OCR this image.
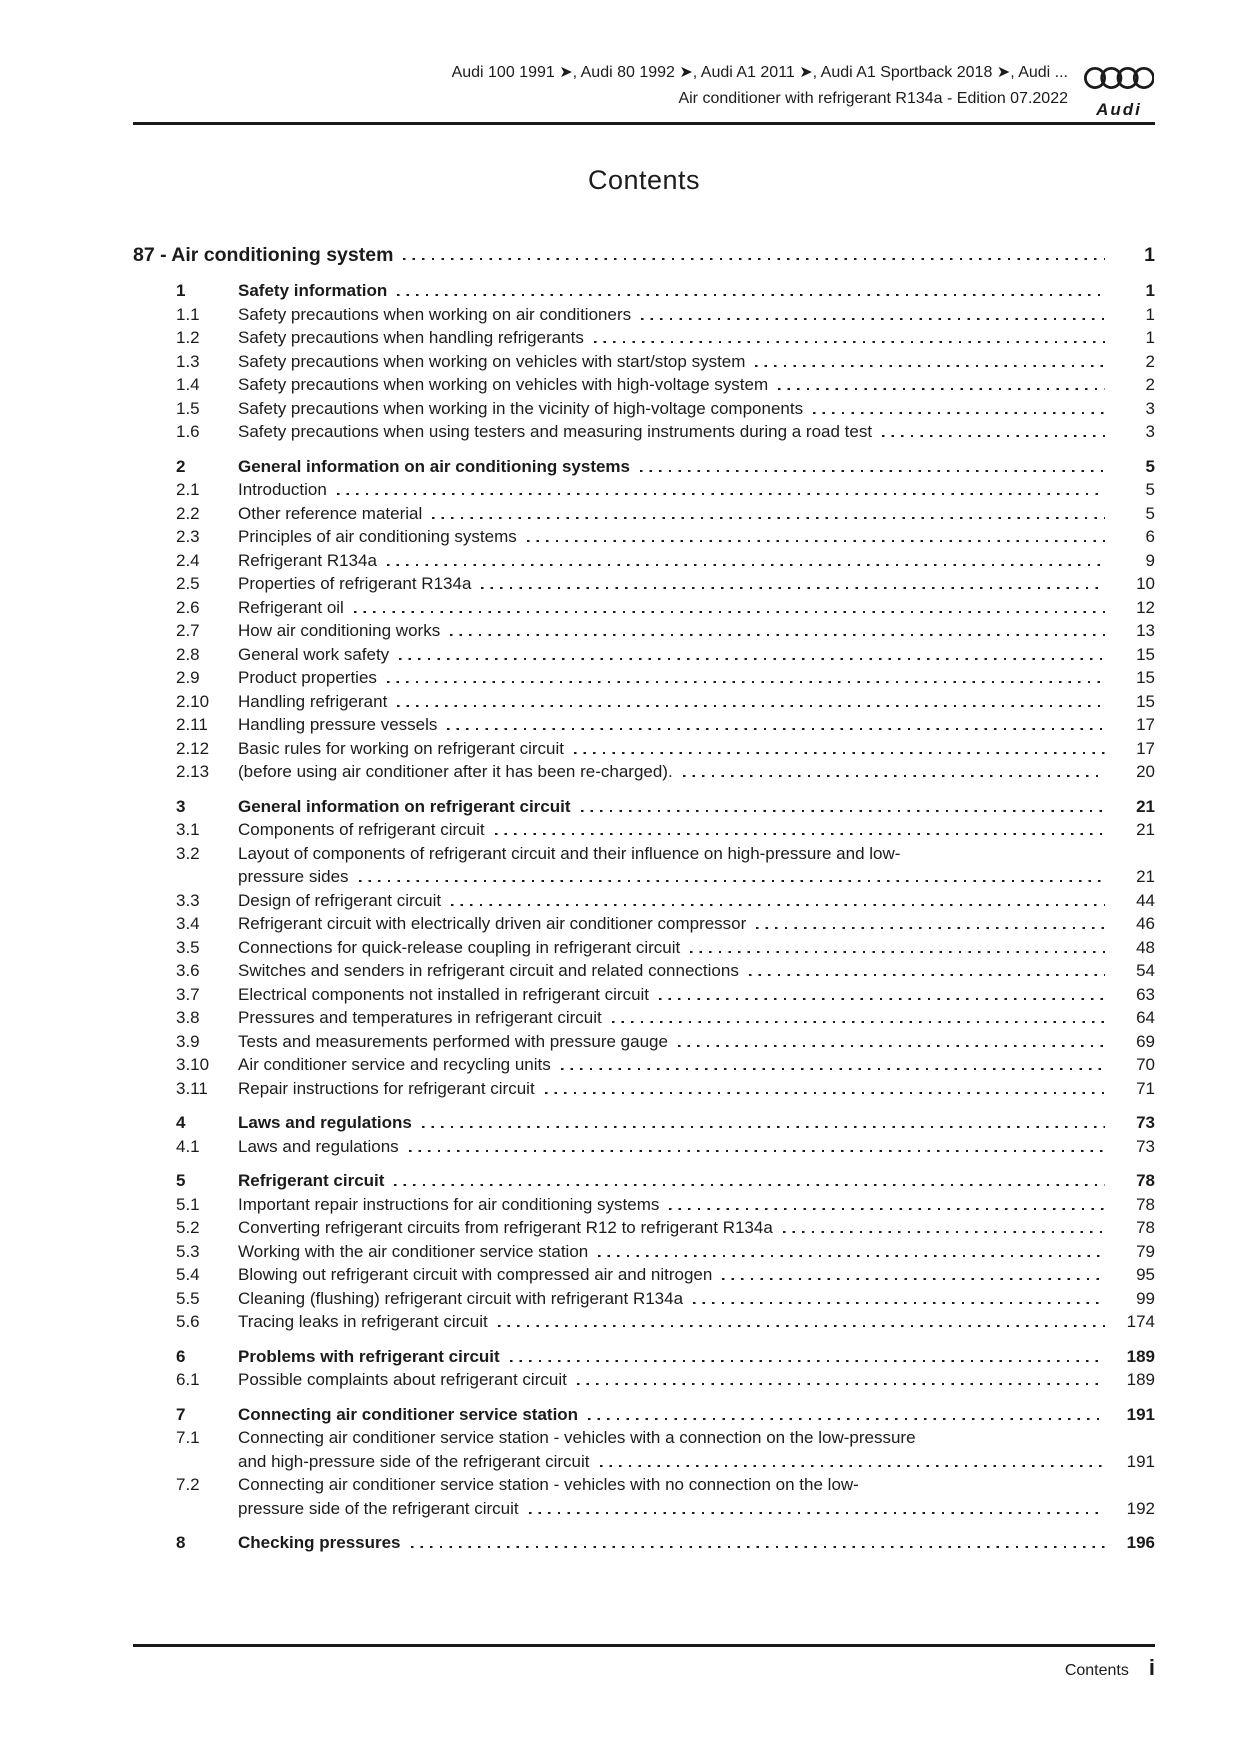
Audi 100 1991 ➤, Audi 80 1992 ➤, Audi A1 2011 ➤, Audi A1 Sportback 2018 ➤, Audi ...
Air conditioner with refrigerant R134a - Edition 07.2022
Audi
Contents
87 - Air conditioning system	1
1	Safety information	1
1.1	Safety precautions when working on air conditioners	1
1.2	Safety precautions when handling refrigerants	1
1.3	Safety precautions when working on vehicles with start/stop system	2
1.4	Safety precautions when working on vehicles with high-voltage system	2
1.5	Safety precautions when working in the vicinity of high-voltage components	3
1.6	Safety precautions when using testers and measuring instruments during a road test	3
2	General information on air conditioning systems	5
2.1	Introduction	5
2.2	Other reference material	5
2.3	Principles of air conditioning systems	6
2.4	Refrigerant R134a	9
2.5	Properties of refrigerant R134a	10
2.6	Refrigerant oil	12
2.7	How air conditioning works	13
2.8	General work safety	15
2.9	Product properties	15
2.10	Handling refrigerant	15
2.11	Handling pressure vessels	17
2.12	Basic rules for working on refrigerant circuit	17
2.13	(before using air conditioner after it has been re-charged).	20
3	General information on refrigerant circuit	21
3.1	Components of refrigerant circuit	21
3.2	Layout of components of refrigerant circuit and their influence on high-pressure and low-
pressure sides	21
3.3	Design of refrigerant circuit	44
3.4	Refrigerant circuit with electrically driven air conditioner compressor	46
3.5	Connections for quick-release coupling in refrigerant circuit	48
3.6	Switches and senders in refrigerant circuit and related connections	54
3.7	Electrical components not installed in refrigerant circuit	63
3.8	Pressures and temperatures in refrigerant circuit	64
3.9	Tests and measurements performed with pressure gauge	69
3.10	Air conditioner service and recycling units	70
3.11	Repair instructions for refrigerant circuit	71
4	Laws and regulations	73
4.1	Laws and regulations	73
5	Refrigerant circuit	78
5.1	Important repair instructions for air conditioning systems	78
5.2	Converting refrigerant circuits from refrigerant R12 to refrigerant R134a	78
5.3	Working with the air conditioner service station	79
5.4	Blowing out refrigerant circuit with compressed air and nitrogen	95
5.5	Cleaning (flushing) refrigerant circuit with refrigerant R134a	99
5.6	Tracing leaks in refrigerant circuit	174
6	Problems with refrigerant circuit	189
6.1	Possible complaints about refrigerant circuit	189
7	Connecting air conditioner service station	191
7.1	Connecting air conditioner service station - vehicles with a connection on the low-pressure
and high-pressure side of the refrigerant circuit	191
7.2	Connecting air conditioner service station - vehicles with no connection on the low-
pressure side of the refrigerant circuit	192
8	Checking pressures	196
Contents i
